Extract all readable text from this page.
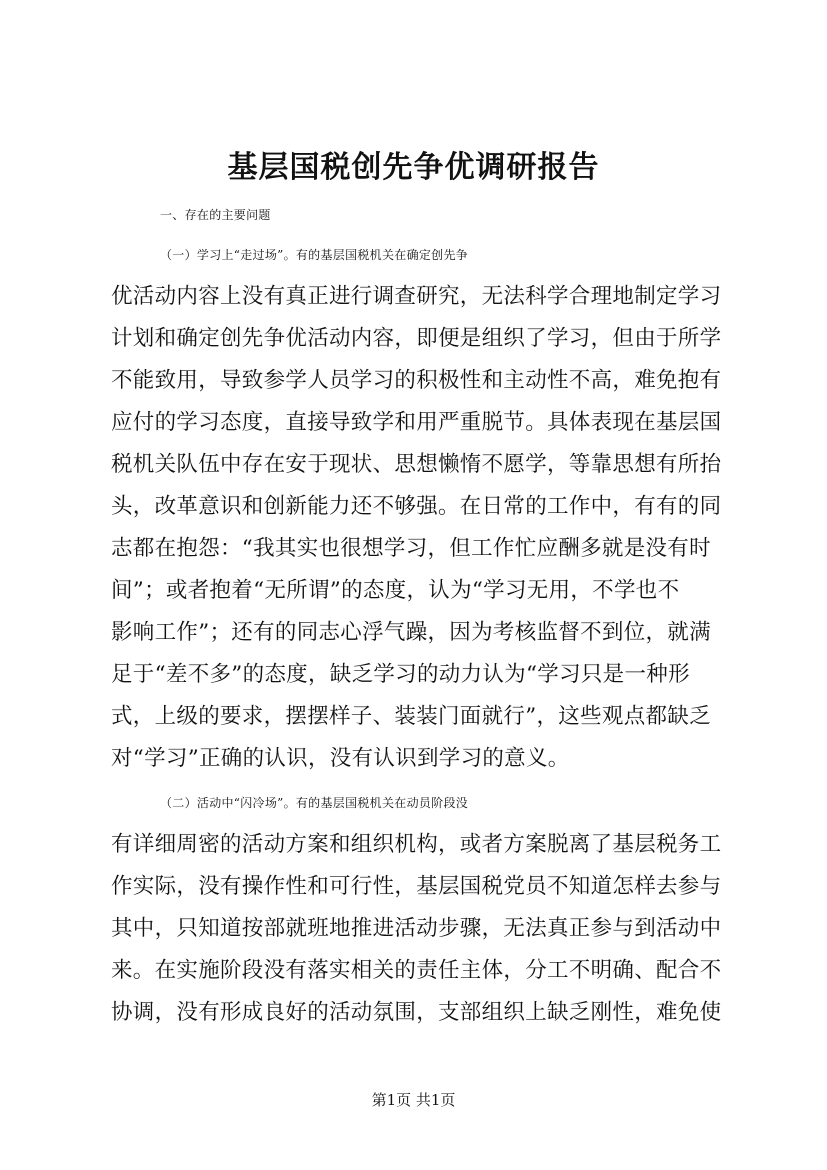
基层国税创先争优调研报告
一、存在的主要问题
（一）学习上“走过场”。有的基层国税机关在确定创先争
优活动内容上没有真正进行调查研究，无法科学合理地制定学习
计划和确定创先争优活动内容，即便是组织了学习，但由于所学
不能致用，导致参学人员学习的积极性和主动性不高，难免抱有
应付的学习态度，直接导致学和用严重脱节。具体表现在基层国
税机关队伍中存在安于现状、思想懒惰不愿学，等靠思想有所抬
头，改革意识和创新能力还不够强。在日常的工作中，有有的同
志都在抱怨：“我其实也很想学习，但工作忙应酬多就是没有时
间”；或者抱着“无所谓”的态度，认为“学习无用，不学也不
影响工作”；还有的同志心浮气躁，因为考核监督不到位，就满
足于“差不多”的态度，缺乏学习的动力认为“学习只是一种形
式，上级的要求，摆摆样子、装装门面就行”，这些观点都缺乏
对“学习”正确的认识，没有认识到学习的意义。
（二）活动中“闪冷场”。有的基层国税机关在动员阶段没
有详细周密的活动方案和组织机构，或者方案脱离了基层税务工
作实际，没有操作性和可行性，基层国税党员不知道怎样去参与
其中，只知道按部就班地推进活动步骤，无法真正参与到活动中
来。在实施阶段没有落实相关的责任主体，分工不明确、配合不
协调，没有形成良好的活动氛围，支部组织上缺乏刚性，难免使
第1页 共1页
